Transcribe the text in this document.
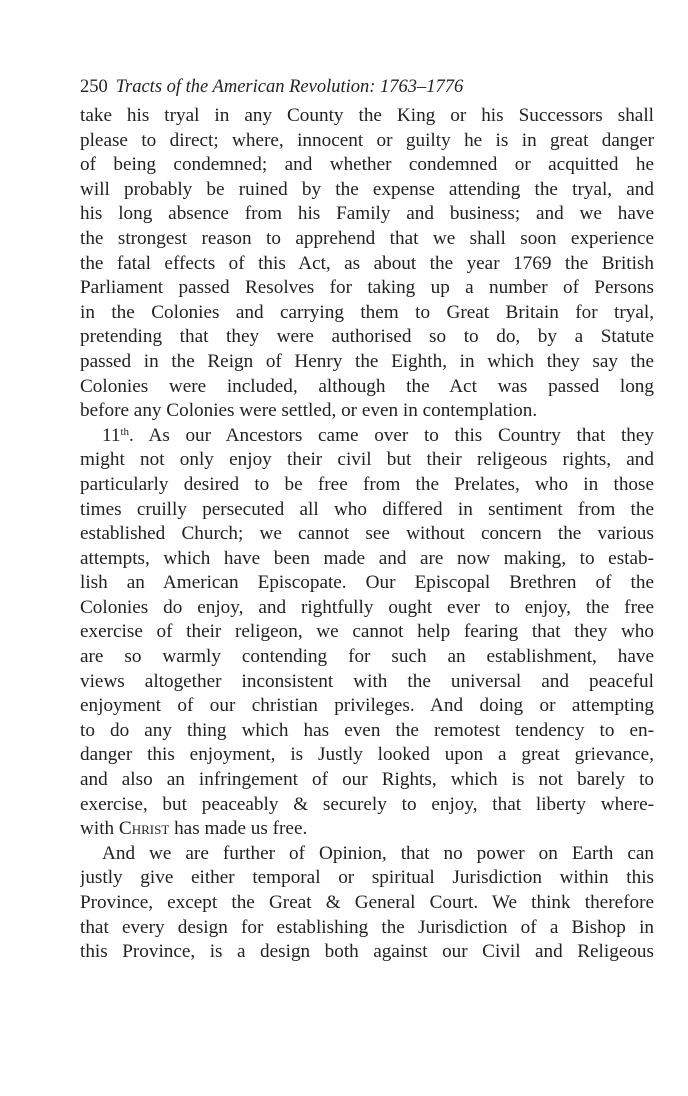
250 Tracts of the American Revolution: 1763–1776
take his tryal in any County the King or his Successors shall
please to direct; where, innocent or guilty he is in great danger
of being condemned; and whether condemned or acquitted he
will probably be ruined by the expense attending the tryal, and
his long absence from his Family and business; and we have
the strongest reason to apprehend that we shall soon experience
the fatal effects of this Act, as about the year 1769 the British
Parliament passed Resolves for taking up a number of Persons
in the Colonies and carrying them to Great Britain for tryal,
pretending that they were authorised so to do, by a Statute
passed in the Reign of Henry the Eighth, in which they say the
Colonies were included, although the Act was passed long
before any Colonies were settled, or even in contemplation.
11th. As our Ancestors came over to this Country that they
might not only enjoy their civil but their religeous rights, and
particularly desired to be free from the Prelates, who in those
times cruilly persecuted all who differed in sentiment from the
established Church; we cannot see without concern the various
attempts, which have been made and are now making, to estab-
lish an American Episcopate. Our Episcopal Brethren of the
Colonies do enjoy, and rightfully ought ever to enjoy, the free
exercise of their religeon, we cannot help fearing that they who
are so warmly contending for such an establishment, have
views altogether inconsistent with the universal and peaceful
enjoyment of our christian privileges. And doing or attempting
to do any thing which has even the remotest tendency to en-
danger this enjoyment, is Justly looked upon a great grievance,
and also an infringement of our Rights, which is not barely to
exercise, but peaceably & securely to enjoy, that liberty where-
with Christ has made us free.
And we are further of Opinion, that no power on Earth can
justly give either temporal or spiritual Jurisdiction within this
Province, except the Great & General Court. We think therefore
that every design for establishing the Jurisdiction of a Bishop in
this Province, is a design both against our Civil and Religeous
